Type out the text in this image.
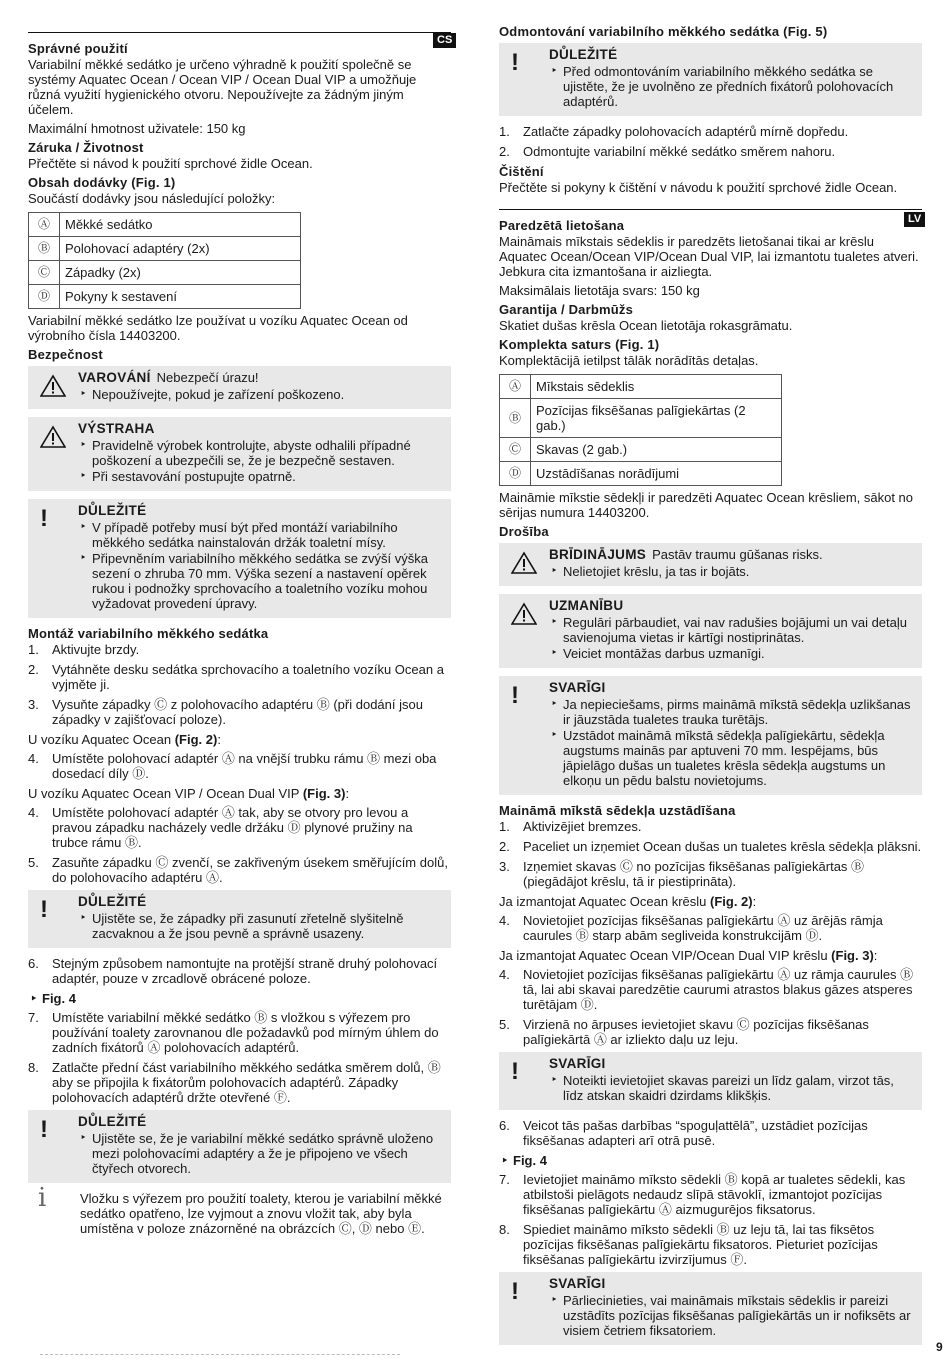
CS
Správné použití

Variabilní měkké sedátko je určeno výhradně k použití společně se systémy Aquatec Ocean / Ocean VIP / Ocean Dual VIP a umožňuje různá využití hygienického otvoru. Nepoužívejte za žádným jiným účelem.

Maximální hmotnost uživatele: 150 kg

Záruka / Životnost

Přečtěte si návod k použití sprchové židle Ocean.

Obsah dodávky (Fig. 1)

Součástí dodávky jsou následující položky:

Ⓐ	Měkké sedátko
Ⓑ	Polohovací adaptéry (2x)
Ⓒ	Západky (2x)
Ⓓ	Pokyny k sestavení

Variabilní měkké sedátko lze používat u vozíku Aquatec Ocean od výrobního čísla 14403200.

Bezpečnost
VAROVÁNÍ Nebezpečí úrazu!
‣ Nepoužívejte, pokud je zařízení poškozeno.
VÝSTRAHA
‣ Pravidelně výrobek kontrolujte, abyste odhalili případné poškození a ubezpečili se, že je bezpečně sestaven.
‣ Při sestavování postupujte opatrně.
! DŮLEŽITÉ
‣ V případě potřeby musí být před montáží variabilního měkkého sedátka nainstalován držák toaletní mísy.
‣ Připevněním variabilního měkkého sedátka se zvýší výška sezení o zhruba 70 mm. Výška sezení a nastavení opěrek rukou i podnožky sprchovacího a toaletního vozíku mohou vyžadovat provedení úpravy.
Montáž variabilního měkkého sedátka
1. Aktivujte brzdy.
2. Vytáhněte desku sedátka sprchovacího a toaletního vozíku Ocean a vyjměte ji.
3. Vysuňte západky Ⓒ z polohovacího adaptéru Ⓑ (při dodání jsou západky v zajišťovací poloze).

U vozíku Aquatec Ocean (Fig. 2):

4. Umístěte polohovací adaptér Ⓐ na vnější trubku rámu Ⓑ mezi oba dosedací díly Ⓓ.

U vozíku Aquatec Ocean VIP / Ocean Dual VIP (Fig. 3):

4. Umístěte polohovací adaptér Ⓐ tak, aby se otvory pro levou a pravou západku nacházely vedle držáku Ⓓ plynové pružiny na trubce rámu Ⓑ.
5. Zasuňte západku Ⓒ zvenčí, se zakřiveným úsekem směřujícím dolů, do polohovacího adaptéru Ⓐ.
! DŮLEŽITÉ
‣ Ujistěte se, že západky při zasunutí zřetelně slyšitelně zacvaknou a že jsou pevně a správně usazeny.
6. Stejným způsobem namontujte na protější straně druhý polohovací adaptér, pouze v zrcadlově obrácené poloze.
‣ Fig. 4
7. Umístěte variabilní měkké sedátko Ⓑ s vložkou s výřezem pro používání toalety zarovnanou dle požadavků pod mírným úhlem do zadních fixátorů Ⓐ polohovacích adaptérů.
8. Zatlačte přední část variabilního měkkého sedátka směrem dolů, Ⓑ aby se připojila k fixátorům polohovacích adaptérů. Západky polohovacích adaptérů držte otevřené Ⓕ.
! DŮLEŽITÉ
‣ Ujistěte se, že je variabilní měkké sedátko správně uloženo mezi polohovacími adaptéry a že je připojeno ve všech čtyřech otvorech.
i	Vložku s výřezem pro použití toalety, kterou je variabilní měkké sedátko opatřeno, lze vyjmout a znovu vložit tak, aby byla umístěna v poloze znázorněné na obrázcích Ⓒ, Ⓓ nebo Ⓔ.

Odmontování variabilního měkkého sedátka (Fig. 5)
! DŮLEŽITÉ
‣ Před odmontováním variabilního měkkého sedátka se ujistěte, že je uvolněno ze předních fixátorů polohovacích adaptérů.
1. Zatlačte západky polohovacích adaptérů mírně dopředu.
2. Odmontujte variabilní měkké sedátko směrem nahoru.
Čištění

Přečtěte si pokyny k čištění v návodu k použití sprchové židle Ocean.

LV
Paredzētā lietošana

Maināmais mīkstais sēdeklis ir paredzēts lietošanai tikai ar krēslu Aquatec Ocean/Ocean VIP/Ocean Dual VIP, lai izmantotu tualetes atveri. Jebkura cita izmantošana ir aizliegta.

Maksimālais lietotāja svars: 150 kg

Garantija / Darbmūžs

Skatiet dušas krēsla Ocean lietotāja rokasgrāmatu.

Komplekta saturs (Fig. 1)

Komplektācijā ietilpst tālāk norādītās detaļas.

Ⓐ	Mīkstais sēdeklis
Ⓑ	Pozīcijas fiksēšanas palīgiekārtas (2 gab.)
Ⓒ	Skavas (2 gab.)
Ⓓ	Uzstādīšanas norādījumi

Maināmie mīkstie sēdekļi ir paredzēti Aquatec Ocean krēsliem, sākot no sērijas numura 14403200.

Drošība
BRĪDINĀJUMS Pastāv traumu gūšanas risks.
‣ Nelietojiet krēslu, ja tas ir bojāts.
UZMANĪBU
‣ Regulāri pārbaudiet, vai nav radušies bojājumi un vai detaļu savienojuma vietas ir kārtīgi nostiprinātas.
‣ Veiciet montāžas darbus uzmanīgi.
! SVARĪGI
‣ Ja nepieciešams, pirms maināmā mīkstā sēdekļa uzlikšanas ir jāuzstāda tualetes trauka turētājs.
‣ Uzstādot maināmā mīkstā sēdekļa palīgiekārtu, sēdekļa augstums mainās par aptuveni 70 mm. Iespējams, būs jāpielāgo dušas un tualetes krēsla sēdekļa augstums un elkoņu un pēdu balstu novietojums.
Maināmā mīkstā sēdekļa uzstādīšana
1. Aktivizējiet bremzes.
2. Paceliet un izņemiet Ocean dušas un tualetes krēsla sēdekļa plāksni.
3. Izņemiet skavas Ⓒ no pozīcijas fiksēšanas palīgiekārtas Ⓑ (piegādājot krēslu, tā ir piestiprināta).

Ja izmantojat Aquatec Ocean krēslu (Fig. 2):

4. Novietojiet pozīcijas fiksēšanas palīgiekārtu Ⓐ uz ārējās rāmja caurules Ⓑ starp abām segliveida konstrukcijām Ⓓ.

Ja izmantojat Aquatec Ocean VIP/Ocean Dual VIP krēslu (Fig. 3):

4. Novietojiet pozīcijas fiksēšanas palīgiekārtu Ⓐ uz rāmja caurules Ⓑ tā, lai abi skavai paredzētie caurumi atrastos blakus gāzes atsperes turētājam Ⓓ.
5. Virzienā no ārpuses ievietojiet skavu Ⓒ pozīcijas fiksēšanas palīgiekārtā Ⓐ ar izliekto daļu uz leju.
! SVARĪGI
‣ Noteikti ievietojiet skavas pareizi un līdz galam, virzot tās, līdz atskan skaidri dzirdams klikšķis.
6. Veicot tās pašas darbības “spoguļattēlā”, uzstādiet pozīcijas fiksēšanas adapteri arī otrā pusē.
‣ Fig. 4
7. Ievietojiet maināmo mīksto sēdekli Ⓑ kopā ar tualetes sēdekli, kas atbilstoši pielāgots nedaudz slīpā stāvoklī, izmantojot pozīcijas fiksēšanas palīgiekārtu Ⓐ aizmugurējos fiksatorus.
8. Spiediet maināmo mīksto sēdekli Ⓑ uz leju tā, lai tas fiksētos pozīcijas fiksēšanas palīgiekārtu fiksatoros. Pieturiet pozīcijas fiksēšanas palīgiekārtu izvirzījumus Ⓕ.
! SVARĪGI
‣ Pārliecinieties, vai maināmais mīkstais sēdeklis ir pareizi uzstādīts pozīcijas fiksēšanas palīgiekārtās un ir nofiksēts ar visiem četriem fiksatoriem.
9
